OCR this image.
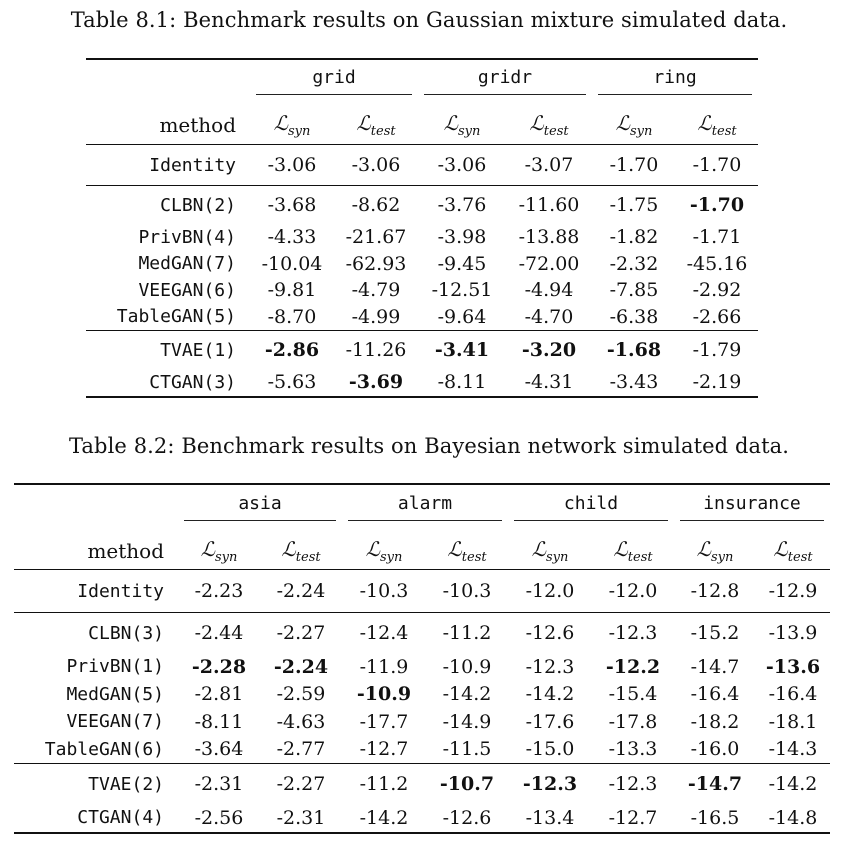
Table 8.1: Benchmark results on Gaussian mixture simulated data.

	grid		gridr		ring	

method	ℒ$_{syn}$	ℒ$_{test}$	ℒ$_{syn}$	ℒ$_{test}$	ℒ$_{syn}$	ℒ$_{test}$
Identity	-3.06	-3.06	-3.06	-3.07	-1.70	-1.70
CLBN(2)	-3.68	-8.62	-3.76	-11.60	-1.75	-1.70
PrivBN(4)	-4.33	-21.67	-3.98	-13.88	-1.82	-1.71
MedGAN(7)	-10.04	-62.93	-9.45	-72.00	-2.32	-45.16
VEEGAN(6)	-9.81	-4.79	-12.51	-4.94	-7.85	-2.92
TableGAN(5)	-8.70	-4.99	-9.64	-4.70	-6.38	-2.66
TVAE(1)	-2.86	-11.26	-3.41	-3.20	-1.68	-1.79
CTGAN(3)	-5.63	-3.69	-8.11	-4.31	-3.43	-2.19
Table 8.2: Benchmark results on Bayesian network simulated data.

	asia		alarm		child		insurance	

method	ℒ$_{syn}$	ℒ$_{test}$	ℒ$_{syn}$	ℒ$_{test}$	ℒ$_{syn}$	ℒ$_{test}$	ℒ$_{syn}$	ℒ$_{test}$
Identity	-2.23	-2.24	-10.3	-10.3	-12.0	-12.0	-12.8	-12.9
CLBN(3)	-2.44	-2.27	-12.4	-11.2	-12.6	-12.3	-15.2	-13.9
PrivBN(1)	-2.28	-2.24	-11.9	-10.9	-12.3	-12.2	-14.7	-13.6
MedGAN(5)	-2.81	-2.59	-10.9	-14.2	-14.2	-15.4	-16.4	-16.4
VEEGAN(7)	-8.11	-4.63	-17.7	-14.9	-17.6	-17.8	-18.2	-18.1
TableGAN(6)	-3.64	-2.77	-12.7	-11.5	-15.0	-13.3	-16.0	-14.3
TVAE(2)	-2.31	-2.27	-11.2	-10.7	-12.3	-12.3	-14.7	-14.2
CTGAN(4)	-2.56	-2.31	-14.2	-12.6	-13.4	-12.7	-16.5	-14.8
